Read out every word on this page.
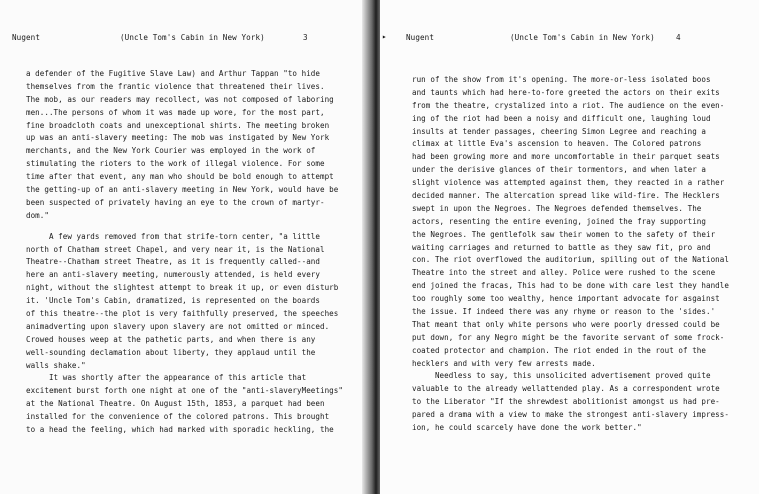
Nugent	(Uncle Tom's Cabin in New York)	3
a defender of the Fugitive Slave Law) and Arthur Tappan "to hide
themselves from the frantic violence that threatened their lives.
The mob, as our readers may recollect, was not composed of laboring
men...The persons of whom it was made up wore, for the most part,
fine broadcloth coats and unexceptional shirts. The meeting broken
up was an anti-slavery meeting: The mob was instigated by New York
merchants, and the New York Courier was employed in the work of
stimulating the rioters to the work of illegal violence. For some
time after that event, any man who should be bold enough to attempt
the getting-up of an anti-slavery meeting in New York, would have be
been suspected of privately having an eye to the crown of martyr-
dom."
A few yards removed from that strife-torn center, "a little
north of Chatham street Chapel, and very near it, is the National
Theatre--Chatham street Theatre, as it is frequently called--and
here an anti-slavery meeting, numerously attended, is held every
night, without the slightest attempt to break it up, or even disturb
it. 'Uncle Tom's Cabin, dramatized, is represented on the boards
of this theatre--the plot is very faithfully preserved, the speeches
animadverting upon slavery upon slavery are not omitted or minced.
Crowed houses weep at the pathetic parts, and when there is any
well-sounding declamation about liberty, they applaud until the
walls shake."
It was shortly after the appearance of this article that
excitement burst forth one night at one of the "anti-slaveryMeetings"
at the National Theatre. On August 15th, 1853, a parquet had been
installed for the convenience of the colored patrons. This brought
to a head the feeling, which had marked with sporadic heckling, the
▸	Nugent	(Uncle Tom's Cabin in New York)	4
run of the show from it's opening. The more-or-less isolated boos
and taunts which had here-to-fore greeted the actors on their exits
from the theatre, crystalized into a riot. The audience on the even-
ing of the riot had been a noisy and difficult one, laughing loud
insults at tender passages, cheering Simon Legree and reaching a
climax at little Eva's ascension to heaven. The Colored patrons
had been growing more and more uncomfortable in their parquet seats
under the derisive glances of their tormentors, and when later a
slight violence was attempted against them, they reacted in a rather
decided manner. The altercation spread like wild-fire. The Hecklers
swept in upon the Negroes. The Negroes defended themselves. The
actors, resenting the entire evening, joined the fray supporting
the Negroes. The gentlefolk saw their women to the safety of their
waiting carriages and returned to battle as they saw fit, pro and
con. The riot overflowed the auditorium, spilling out of the National
Theatre into the street and alley. Police were rushed to the scene
end joined the fracas, This had to be done with care lest they handle
too roughly some too wealthy, hence important advocate for asgainst
the issue. If indeed there was any rhyme or reason to the 'sides.'
That meant that only white persons who were poorly dressed could be
put down, for any Negro might be the favorite servant of some frock-
coated protector and champion. The riot ended in the rout of the
hecklers and with very few arrests made.
Needless to say, this unsolicited advertisement proved quite
valuable to the already wellattended play. As a correspondent wrote
to the Liberator "If the shrewdest abolitionist amongst us had pre-
pared a drama with a view to make the strongest anti-slavery impress-
ion, he could scarcely have done the work better."
